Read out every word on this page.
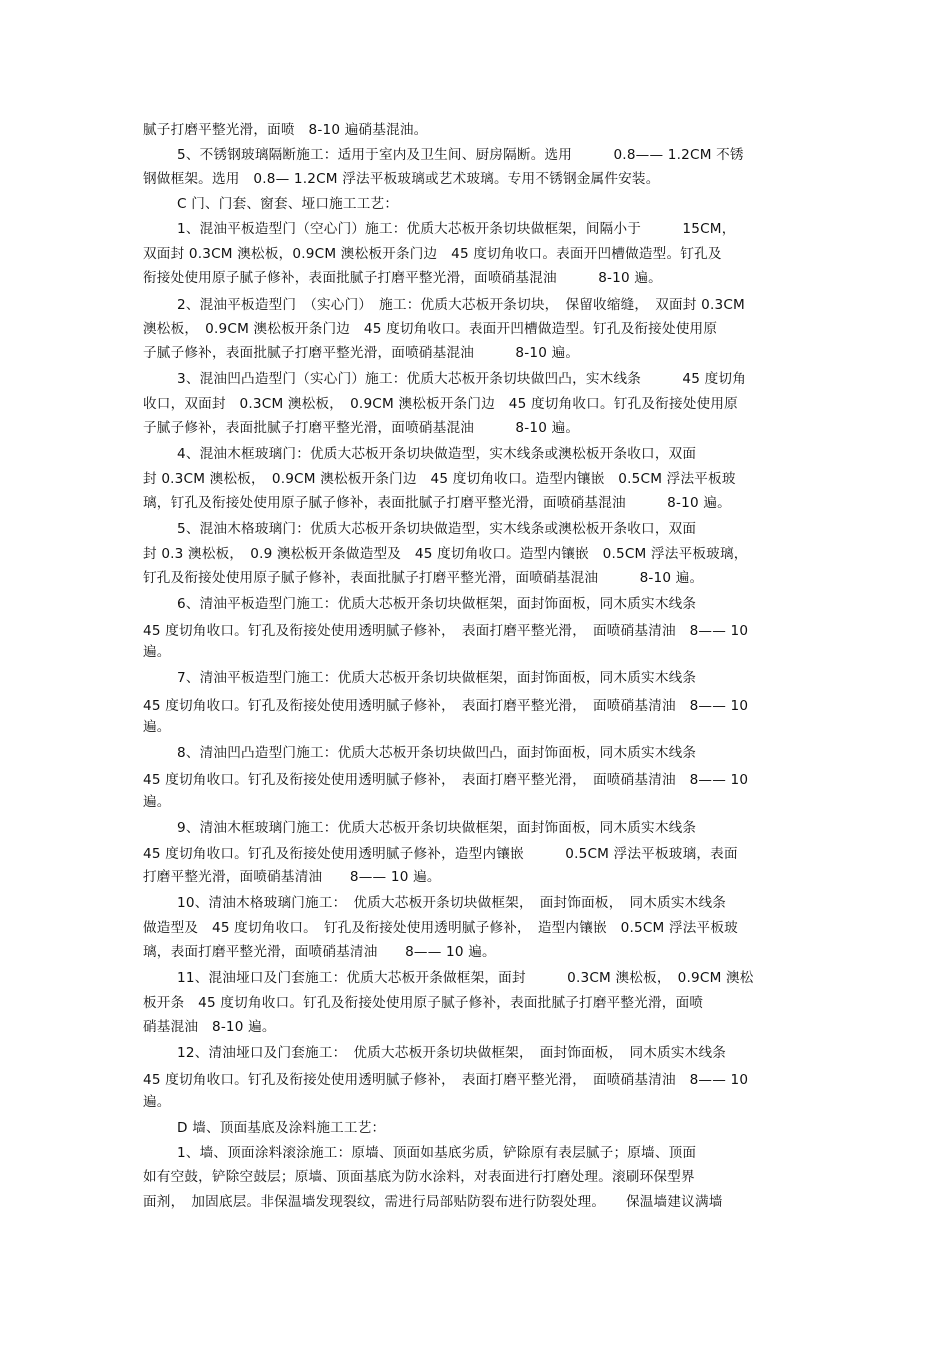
腻子打磨平整光滑，面喷　8-10 遍硝基混油。
5、不锈钢玻璃隔断施工：适用于室内及卫生间、厨房隔断。选用　　　0.8—— 1.2CM 不锈
钢做框架。选用　0.8— 1.2CM 浮法平板玻璃或艺术玻璃。专用不锈钢金属件安装。
C 门、门套、窗套、垭口施工工艺：
1、混油平板造型门（空心门）施工：优质大芯板开条切块做框架，间隔小于　　　15CM，
双面封 0.3CM 澳松板，0.9CM 澳松板开条门边　45 度切角收口。表面开凹槽做造型。钉孔及
衔接处使用原子腻子修补，表面批腻子打磨平整光滑，面喷硝基混油　　　8-10 遍。
2、混油平板造型门　（实心门）　施工：优质大芯板开条切块，　保留收缩缝，　双面封 0.3CM
澳松板，　0.9CM 澳松板开条门边　45 度切角收口。表面开凹槽做造型。钉孔及衔接处使用原
子腻子修补，表面批腻子打磨平整光滑，面喷硝基混油　　　8-10 遍。
3、混油凹凸造型门（实心门）施工：优质大芯板开条切块做凹凸，实木线条　　　45 度切角
收口，双面封　0.3CM 澳松板，　0.9CM 澳松板开条门边　45 度切角收口。钉孔及衔接处使用原
子腻子修补，表面批腻子打磨平整光滑，面喷硝基混油　　　8-10 遍。
4、混油木框玻璃门：优质大芯板开条切块做造型，实木线条或澳松板开条收口，双面
封 0.3CM 澳松板，　0.9CM 澳松板开条门边　45 度切角收口。造型内镶嵌　0.5CM 浮法平板玻
璃，钉孔及衔接处使用原子腻子修补，表面批腻子打磨平整光滑，面喷硝基混油　　　8-10 遍。
5、混油木格玻璃门：优质大芯板开条切块做造型，实木线条或澳松板开条收口，双面
封 0.3 澳松板，　0.9 澳松板开条做造型及　45 度切角收口。造型内镶嵌　0.5CM 浮法平板玻璃，
钉孔及衔接处使用原子腻子修补，表面批腻子打磨平整光滑，面喷硝基混油　　　8-10 遍。
6、清油平板造型门施工：优质大芯板开条切块做框架，面封饰面板，同木质实木线条
45 度切角收口。钉孔及衔接处使用透明腻子修补，　表面打磨平整光滑，　面喷硝基清油　8—— 10
遍。
7、清油平板造型门施工：优质大芯板开条切块做框架，面封饰面板，同木质实木线条
45 度切角收口。钉孔及衔接处使用透明腻子修补，　表面打磨平整光滑，　面喷硝基清油　8—— 10
遍。
8、清油凹凸造型门施工：优质大芯板开条切块做凹凸，面封饰面板，同木质实木线条
45 度切角收口。钉孔及衔接处使用透明腻子修补，　表面打磨平整光滑，　面喷硝基清油　8—— 10
遍。
9、清油木框玻璃门施工：优质大芯板开条切块做框架，面封饰面板，同木质实木线条
45 度切角收口。钉孔及衔接处使用透明腻子修补，造型内镶嵌　　　0.5CM 浮法平板玻璃，表面
打磨平整光滑，面喷硝基清油　　8—— 10 遍。
10、清油木格玻璃门施工：　优质大芯板开条切块做框架，　面封饰面板，　同木质实木线条
做造型及　45 度切角收口。　钉孔及衔接处使用透明腻子修补，　造型内镶嵌　0.5CM 浮法平板玻
璃，表面打磨平整光滑，面喷硝基清油　　8—— 10 遍。
11、混油垭口及门套施工：优质大芯板开条做框架，面封　　　0.3CM 澳松板，　0.9CM 澳松
板开条　45 度切角收口。钉孔及衔接处使用原子腻子修补，表面批腻子打磨平整光滑，面喷
硝基混油　8-10 遍。
12、清油垭口及门套施工：　优质大芯板开条切块做框架，　面封饰面板，　同木质实木线条
45 度切角收口。钉孔及衔接处使用透明腻子修补，　表面打磨平整光滑，　面喷硝基清油　8—— 10
遍。
D 墙、顶面基底及涂料施工工艺：
1、墙、顶面涂料滚涂施工：原墙、顶面如基底劣质，铲除原有表层腻子；原墙、顶面
如有空鼓，铲除空鼓层；原墙、顶面基底为防水涂料，对表面进行打磨处理。滚刷环保型界
面剂，　加固底层。非保温墙发现裂纹，需进行局部贴防裂布进行防裂处理。　　保温墙建议满墙
